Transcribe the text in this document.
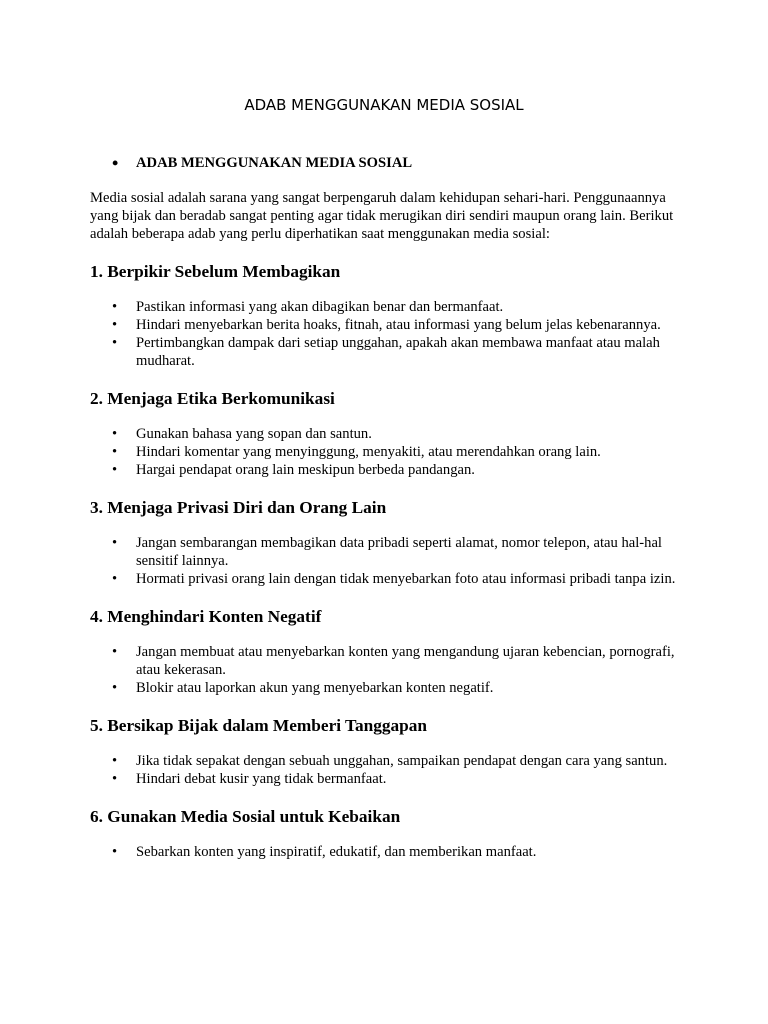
ADAB MENGGUNAKAN MEDIA SOSIAL
• ADAB MENGGUNAKAN MEDIA SOSIAL

Media sosial adalah sarana yang sangat berpengaruh dalam kehidupan sehari-hari. Penggunaannya yang bijak dan beradab sangat penting agar tidak merugikan diri sendiri maupun orang lain. Berikut adalah beberapa adab yang perlu diperhatikan saat menggunakan media sosial:

1. Berpikir Sebelum Membagikan
• Pastikan informasi yang akan dibagikan benar dan bermanfaat.
• Hindari menyebarkan berita hoaks, fitnah, atau informasi yang belum jelas kebenarannya.
• Pertimbangkan dampak dari setiap unggahan, apakah akan membawa manfaat atau malah mudharat.
2. Menjaga Etika Berkomunikasi
• Gunakan bahasa yang sopan dan santun.
• Hindari komentar yang menyinggung, menyakiti, atau merendahkan orang lain.
• Hargai pendapat orang lain meskipun berbeda pandangan.
3. Menjaga Privasi Diri dan Orang Lain
• Jangan sembarangan membagikan data pribadi seperti alamat, nomor telepon, atau hal-hal sensitif lainnya.
• Hormati privasi orang lain dengan tidak menyebarkan foto atau informasi pribadi tanpa izin.
4. Menghindari Konten Negatif
• Jangan membuat atau menyebarkan konten yang mengandung ujaran kebencian, pornografi, atau kekerasan.
• Blokir atau laporkan akun yang menyebarkan konten negatif.
5. Bersikap Bijak dalam Memberi Tanggapan
• Jika tidak sepakat dengan sebuah unggahan, sampaikan pendapat dengan cara yang santun.
• Hindari debat kusir yang tidak bermanfaat.
6. Gunakan Media Sosial untuk Kebaikan
• Sebarkan konten yang inspiratif, edukatif, dan memberikan manfaat.
